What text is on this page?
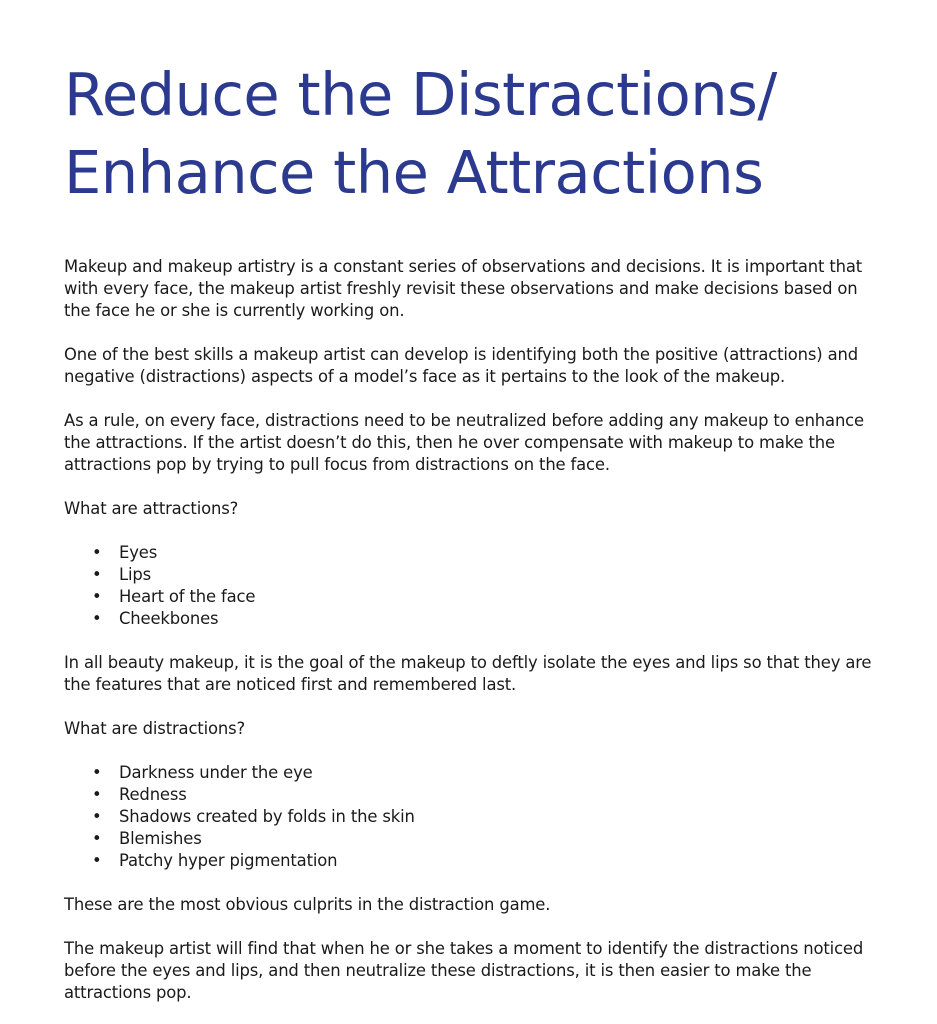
Reduce the Distractions/
Enhance the Attractions

Makeup and makeup artistry is a constant series of observations and decisions. It is important that with every face, the makeup artist freshly revisit these observations and make decisions based on the face he or she is currently working on.

One of the best skills a makeup artist can develop is identifying both the positive (attractions) and negative (distractions) aspects of a model’s face as it pertains to the look of the makeup.

As a rule, on every face, distractions need to be neutralized before adding any makeup to enhance the attractions. If the artist doesn’t do this, then he over compensate with makeup to make the attractions pop by trying to pull focus from distractions on the face.

What are attractions?

• Eyes
• Lips
• Heart of the face
• Cheekbones

In all beauty makeup, it is the goal of the makeup to deftly isolate the eyes and lips so that they are the features that are noticed first and remembered last.

What are distractions?

• Darkness under the eye
• Redness
• Shadows created by folds in the skin
• Blemishes
• Patchy hyper pigmentation

These are the most obvious culprits in the distraction game.

The makeup artist will find that when he or she takes a moment to identify the distractions noticed before the eyes and lips, and then neutralize these distractions, it is then easier to make the attractions pop.
